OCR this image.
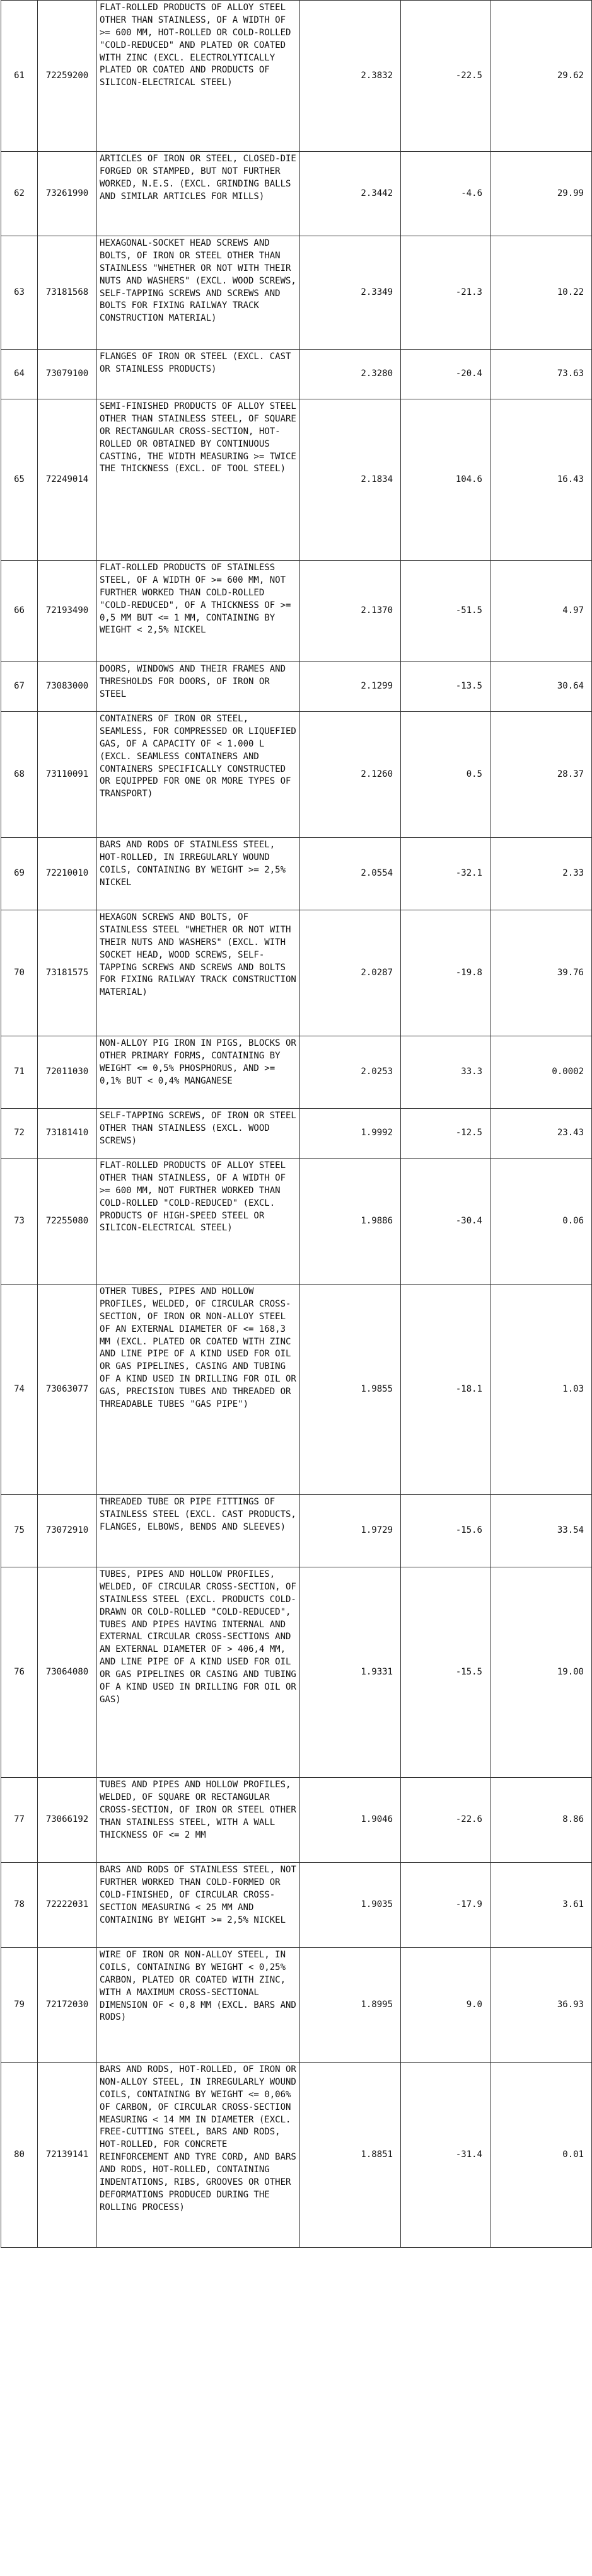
61	72259200	FLAT-ROLLED PRODUCTS OF ALLOY STEEL OTHER THAN STAINLESS, OF A WIDTH OF >= 600 MM, HOT-ROLLED OR COLD-ROLLED "COLD-REDUCED" AND PLATED OR COATED WITH ZINC (EXCL. ELECTROLYTICALLY PLATED OR COATED AND PRODUCTS OF SILICON-ELECTRICAL STEEL)	2.3832	-22.5	29.62
62	73261990	ARTICLES OF IRON OR STEEL, CLOSED-DIE FORGED OR STAMPED, BUT NOT FURTHER WORKED, N.E.S. (EXCL. GRINDING BALLS AND SIMILAR ARTICLES FOR MILLS)	2.3442	-4.6	29.99
63	73181568	HEXAGONAL-SOCKET HEAD SCREWS AND BOLTS, OF IRON OR STEEL OTHER THAN STAINLESS "WHETHER OR NOT WITH THEIR NUTS AND WASHERS" (EXCL. WOOD SCREWS, SELF-TAPPING SCREWS AND SCREWS AND BOLTS FOR FIXING RAILWAY TRACK CONSTRUCTION MATERIAL)	2.3349	-21.3	10.22
64	73079100	FLANGES OF IRON OR STEEL (EXCL. CAST OR STAINLESS PRODUCTS)	2.3280	-20.4	73.63
65	72249014	SEMI-FINISHED PRODUCTS OF ALLOY STEEL OTHER THAN STAINLESS STEEL, OF SQUARE OR RECTANGULAR CROSS-SECTION, HOT-ROLLED OR OBTAINED BY CONTINUOUS CASTING, THE WIDTH MEASURING >= TWICE THE THICKNESS (EXCL. OF TOOL STEEL)	2.1834	104.6	16.43
66	72193490	FLAT-ROLLED PRODUCTS OF STAINLESS STEEL, OF A WIDTH OF >= 600 MM, NOT FURTHER WORKED THAN COLD-ROLLED "COLD-REDUCED", OF A THICKNESS OF >= 0,5 MM BUT <= 1 MM, CONTAINING BY WEIGHT < 2,5% NICKEL	2.1370	-51.5	4.97
67	73083000	DOORS, WINDOWS AND THEIR FRAMES AND THRESHOLDS FOR DOORS, OF IRON OR STEEL	2.1299	-13.5	30.64
68	73110091	CONTAINERS OF IRON OR STEEL, SEAMLESS, FOR COMPRESSED OR LIQUEFIED GAS, OF A CAPACITY OF < 1.000 L (EXCL. SEAMLESS CONTAINERS AND CONTAINERS SPECIFICALLY CONSTRUCTED OR EQUIPPED FOR ONE OR MORE TYPES OF TRANSPORT)	2.1260	0.5	28.37
69	72210010	BARS AND RODS OF STAINLESS STEEL, HOT-ROLLED, IN IRREGULARLY WOUND COILS, CONTAINING BY WEIGHT >= 2,5% NICKEL	2.0554	-32.1	2.33
70	73181575	HEXAGON SCREWS AND BOLTS, OF STAINLESS STEEL "WHETHER OR NOT WITH THEIR NUTS AND WASHERS" (EXCL. WITH SOCKET HEAD, WOOD SCREWS, SELF-TAPPING SCREWS AND SCREWS AND BOLTS FOR FIXING RAILWAY TRACK CONSTRUCTION MATERIAL)	2.0287	-19.8	39.76
71	72011030	NON-ALLOY PIG IRON IN PIGS, BLOCKS OR OTHER PRIMARY FORMS, CONTAINING BY WEIGHT <= 0,5% PHOSPHORUS, AND >= 0,1% BUT < 0,4% MANGANESE	2.0253	33.3	0.0002
72	73181410	SELF-TAPPING SCREWS, OF IRON OR STEEL OTHER THAN STAINLESS (EXCL. WOOD SCREWS)	1.9992	-12.5	23.43
73	72255080	FLAT-ROLLED PRODUCTS OF ALLOY STEEL OTHER THAN STAINLESS, OF A WIDTH OF >= 600 MM, NOT FURTHER WORKED THAN COLD-ROLLED "COLD-REDUCED" (EXCL. PRODUCTS OF HIGH-SPEED STEEL OR SILICON-ELECTRICAL STEEL)	1.9886	-30.4	0.06
74	73063077	OTHER TUBES, PIPES AND HOLLOW PROFILES, WELDED, OF CIRCULAR CROSS-SECTION, OF IRON OR NON-ALLOY STEEL OF AN EXTERNAL DIAMETER OF <= 168,3 MM (EXCL. PLATED OR COATED WITH ZINC AND LINE PIPE OF A KIND USED FOR OIL OR GAS PIPELINES, CASING AND TUBING OF A KIND USED IN DRILLING FOR OIL OR GAS, PRECISION TUBES AND THREADED OR THREADABLE TUBES "GAS PIPE")	1.9855	-18.1	1.03
75	73072910	THREADED TUBE OR PIPE FITTINGS OF STAINLESS STEEL (EXCL. CAST PRODUCTS, FLANGES, ELBOWS, BENDS AND SLEEVES)	1.9729	-15.6	33.54
76	73064080	TUBES, PIPES AND HOLLOW PROFILES, WELDED, OF CIRCULAR CROSS-SECTION, OF STAINLESS STEEL (EXCL. PRODUCTS COLD-DRAWN OR COLD-ROLLED "COLD-REDUCED", TUBES AND PIPES HAVING INTERNAL AND EXTERNAL CIRCULAR CROSS-SECTIONS AND AN EXTERNAL DIAMETER OF > 406,4 MM, AND LINE PIPE OF A KIND USED FOR OIL OR GAS PIPELINES OR CASING AND TUBING OF A KIND USED IN DRILLING FOR OIL OR GAS)	1.9331	-15.5	19.00
77	73066192	TUBES AND PIPES AND HOLLOW PROFILES, WELDED, OF SQUARE OR RECTANGULAR CROSS-SECTION, OF IRON OR STEEL OTHER THAN STAINLESS STEEL, WITH A WALL THICKNESS OF <= 2 MM	1.9046	-22.6	8.86
78	72222031	BARS AND RODS OF STAINLESS STEEL, NOT FURTHER WORKED THAN COLD-FORMED OR COLD-FINISHED, OF CIRCULAR CROSS-SECTION MEASURING < 25 MM AND CONTAINING BY WEIGHT >= 2,5% NICKEL	1.9035	-17.9	3.61
79	72172030	WIRE OF IRON OR NON-ALLOY STEEL, IN COILS, CONTAINING BY WEIGHT < 0,25% CARBON, PLATED OR COATED WITH ZINC, WITH A MAXIMUM CROSS-SECTIONAL DIMENSION OF < 0,8 MM (EXCL. BARS AND RODS)	1.8995	9.0	36.93
80	72139141	BARS AND RODS, HOT-ROLLED, OF IRON OR NON-ALLOY STEEL, IN IRREGULARLY WOUND COILS, CONTAINING BY WEIGHT <= 0,06% OF CARBON, OF CIRCULAR CROSS-SECTION MEASURING < 14 MM IN DIAMETER (EXCL. FREE-CUTTING STEEL, BARS AND RODS, HOT-ROLLED, FOR CONCRETE REINFORCEMENT AND TYRE CORD, AND BARS AND RODS, HOT-ROLLED, CONTAINING INDENTATIONS, RIBS, GROOVES OR OTHER DEFORMATIONS PRODUCED DURING THE ROLLING PROCESS)	1.8851	-31.4	0.01
